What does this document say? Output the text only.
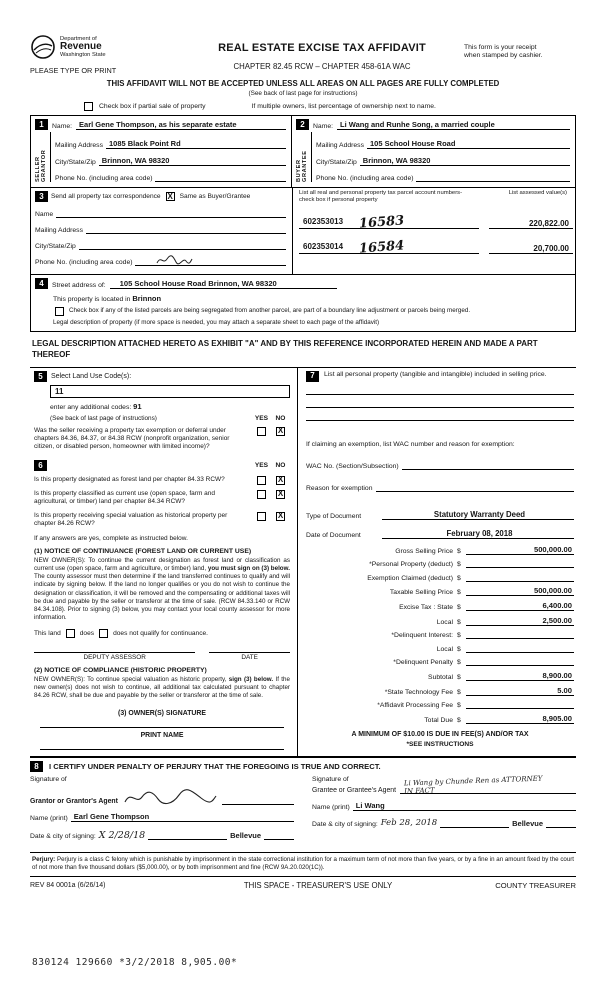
Department of
Revenue
Washington State
PLEASE TYPE OR PRINT
REAL ESTATE EXCISE TAX AFFIDAVIT
CHAPTER 82.45 RCW – CHAPTER 458-61A WAC
This form is your receipt
when stamped by cashier.
THIS AFFIDAVIT WILL NOT BE ACCEPTED UNLESS ALL AREAS ON ALL PAGES ARE FULLY COMPLETED
(See back of last page for instructions)
Check box if partial sale of property	If multiple owners, list percentage of ownership next to name.
1	Name: Earl Gene Thompson, as his separate estate
SELLER GRANTOR
Mailing Address 1085 Black Point Rd
City/State/Zip Brinnon, WA 98320
Phone No. (including area code)
2	Name: Li Wang and Runhe Song, a married couple
BUYER GRANTEE
Mailing Address 105 School House Road
City/State/Zip Brinnon, WA 98320
Phone No. (including area code)
3	Send all property tax correspondence X Same as Buyer/Grantee
Name
Mailing Address
City/State/Zip
Phone No. (including area code)
List all real and personal property tax parcel account numbers-check box if personal property
List assessed value(s)
602353013 16583	220,822.00
602353014 16584	20,700.00
4	Street address of:	105 School House Road Brinnon, WA 98320
This property is located in Brinnon
Check box if any of the listed parcels are being segregated from another parcel, are part of a boundary line adjustment or parcels being merged.
Legal description of property (if more space is needed, you may attach a separate sheet to each page of the affidavit)
LEGAL DESCRIPTION ATTACHED HERETO AS EXHIBIT "A" AND BY THIS REFERENCE INCORPORATED HEREIN AND MADE A PART THEREOF
5	Select Land Use Code(s):
11
enter any additional codes: 91
(See back of last page of instructions)	YES	NO
Was the seller receiving a property tax exemption or deferral under chapters 84.36, 84.37, or 84.38 RCW (nonprofit organization, senior citizen, or disabled person, homeowner with limited income)?
X
6	YES	NO
Is this property designated as forest land per chapter 84.33 RCW?	X
Is this property classified as current use (open space, farm and agricultural, or timber) land per chapter 84.34 RCW?
X
Is this property receiving special valuation as historical property per chapter 84.26 RCW?
X
If any answers are yes, complete as instructed below.
(1) NOTICE OF CONTINUANCE (FOREST LAND OR CURRENT USE)
NEW OWNER(S): To continue the current designation as forest land or classification as current use (open space, farm and agriculture, or timber) land, you must sign on (3) below. The county assessor must then determine if the land transferred continues to qualify and will indicate by signing below. If the land no longer qualifies or you do not wish to continue the designation or classification, it will be removed and the compensating or additional taxes will be due and payable by the seller or transferor at the time of sale. (RCW 84.33.140 or RCW 84.34.108). Prior to signing (3) below, you may contact your local county assessor for more information.
This land	does	does not qualify for continuance.
DEPUTY ASSESSOR	DATE
(2) NOTICE OF COMPLIANCE (HISTORIC PROPERTY)
NEW OWNER(S): To continue special valuation as historic property, sign (3) below. If the new owner(s) does not wish to continue, all additional tax calculated pursuant to chapter 84.26 RCW, shall be due and payable by the seller or transferor at the time of sale.
(3) OWNER(S) SIGNATURE
PRINT NAME
7	List all personal property (tangible and intangible) included in selling price.
If claiming an exemption, list WAC number and reason for exemption:
WAC No. (Section/Subsection)
Reason for exemption
Type of Document	Statutory Warranty Deed
Date of Document	February 08, 2018
Gross Selling Price $	500,000.00
*Personal Property (deduct) $
Exemption Claimed (deduct) $
Taxable Selling Price $	500,000.00
Excise Tax : State $	6,400.00
Local $	2,500.00
*Delinquent Interest: $
Local $
*Delinquent Penalty $
Subtotal $	8,900.00
*State Technology Fee $	5.00
*Affidavit Processing Fee $
Total Due $	8,905.00
A MINIMUM OF $10.00 IS DUE IN FEE(S) AND/OR TAX
*SEE INSTRUCTIONS
8	I CERTIFY UNDER PENALTY OF PERJURY THAT THE FOREGOING IS TRUE AND CORRECT.
Signature of
Grantor or Grantor's Agent
Name (print) Earl Gene Thompson
Date & city of signing: X 2/28/18	Bellevue
Signature of
Grantee or Grantee's Agent
Li Wang by Chunde Ren as ATTORNEY
IN FACT
Name (print) Li Wang
Date & city of signing: Feb 28, 2018	Bellevue
Perjury: Perjury is a class C felony which is punishable by imprisonment in the state correctional institution for a maximum term of not more than five years, or by a fine in an amount fixed by the court of not more than five thousand dollars ($5,000.00), or by both imprisonment and fine (RCW 9A.20.020(1C)).
REV 84 0001a (6/26/14)	THIS SPACE - TREASURER'S USE ONLY	COUNTY TREASURER
830124 129660 *3/2/2018 8,905.00*
